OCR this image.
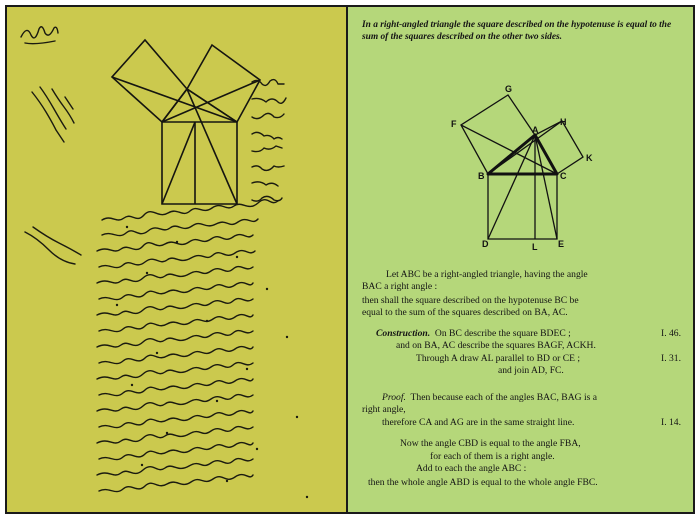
In a right-angled triangle the square described on the hypotenuse is equal to the sum of the squares described on the other two sides.
G
F	H
K
A
B	C
D	L E
Let ABC be a right-angled triangle, having the angle
BAC a right angle :
then shall the square described on the hypotenuse BC be
equal to the sum of the squares described on BA, AC.
Construction. On BC describe the square BDEC ;	I. 46.
and on BA, AC describe the squares BAGF, ACKH.
Through A draw AL parallel to BD or CE ;	I. 31.
and join AD, FC.
Proof. Then because each of the angles BAC, BAG is a
right angle,
therefore CA and AG are in the same straight line.	I. 14.
Now the angle CBD is equal to the angle FBA,
for each of them is a right angle.
Add to each the angle ABC :
then the whole angle ABD is equal to the whole angle FBC.
